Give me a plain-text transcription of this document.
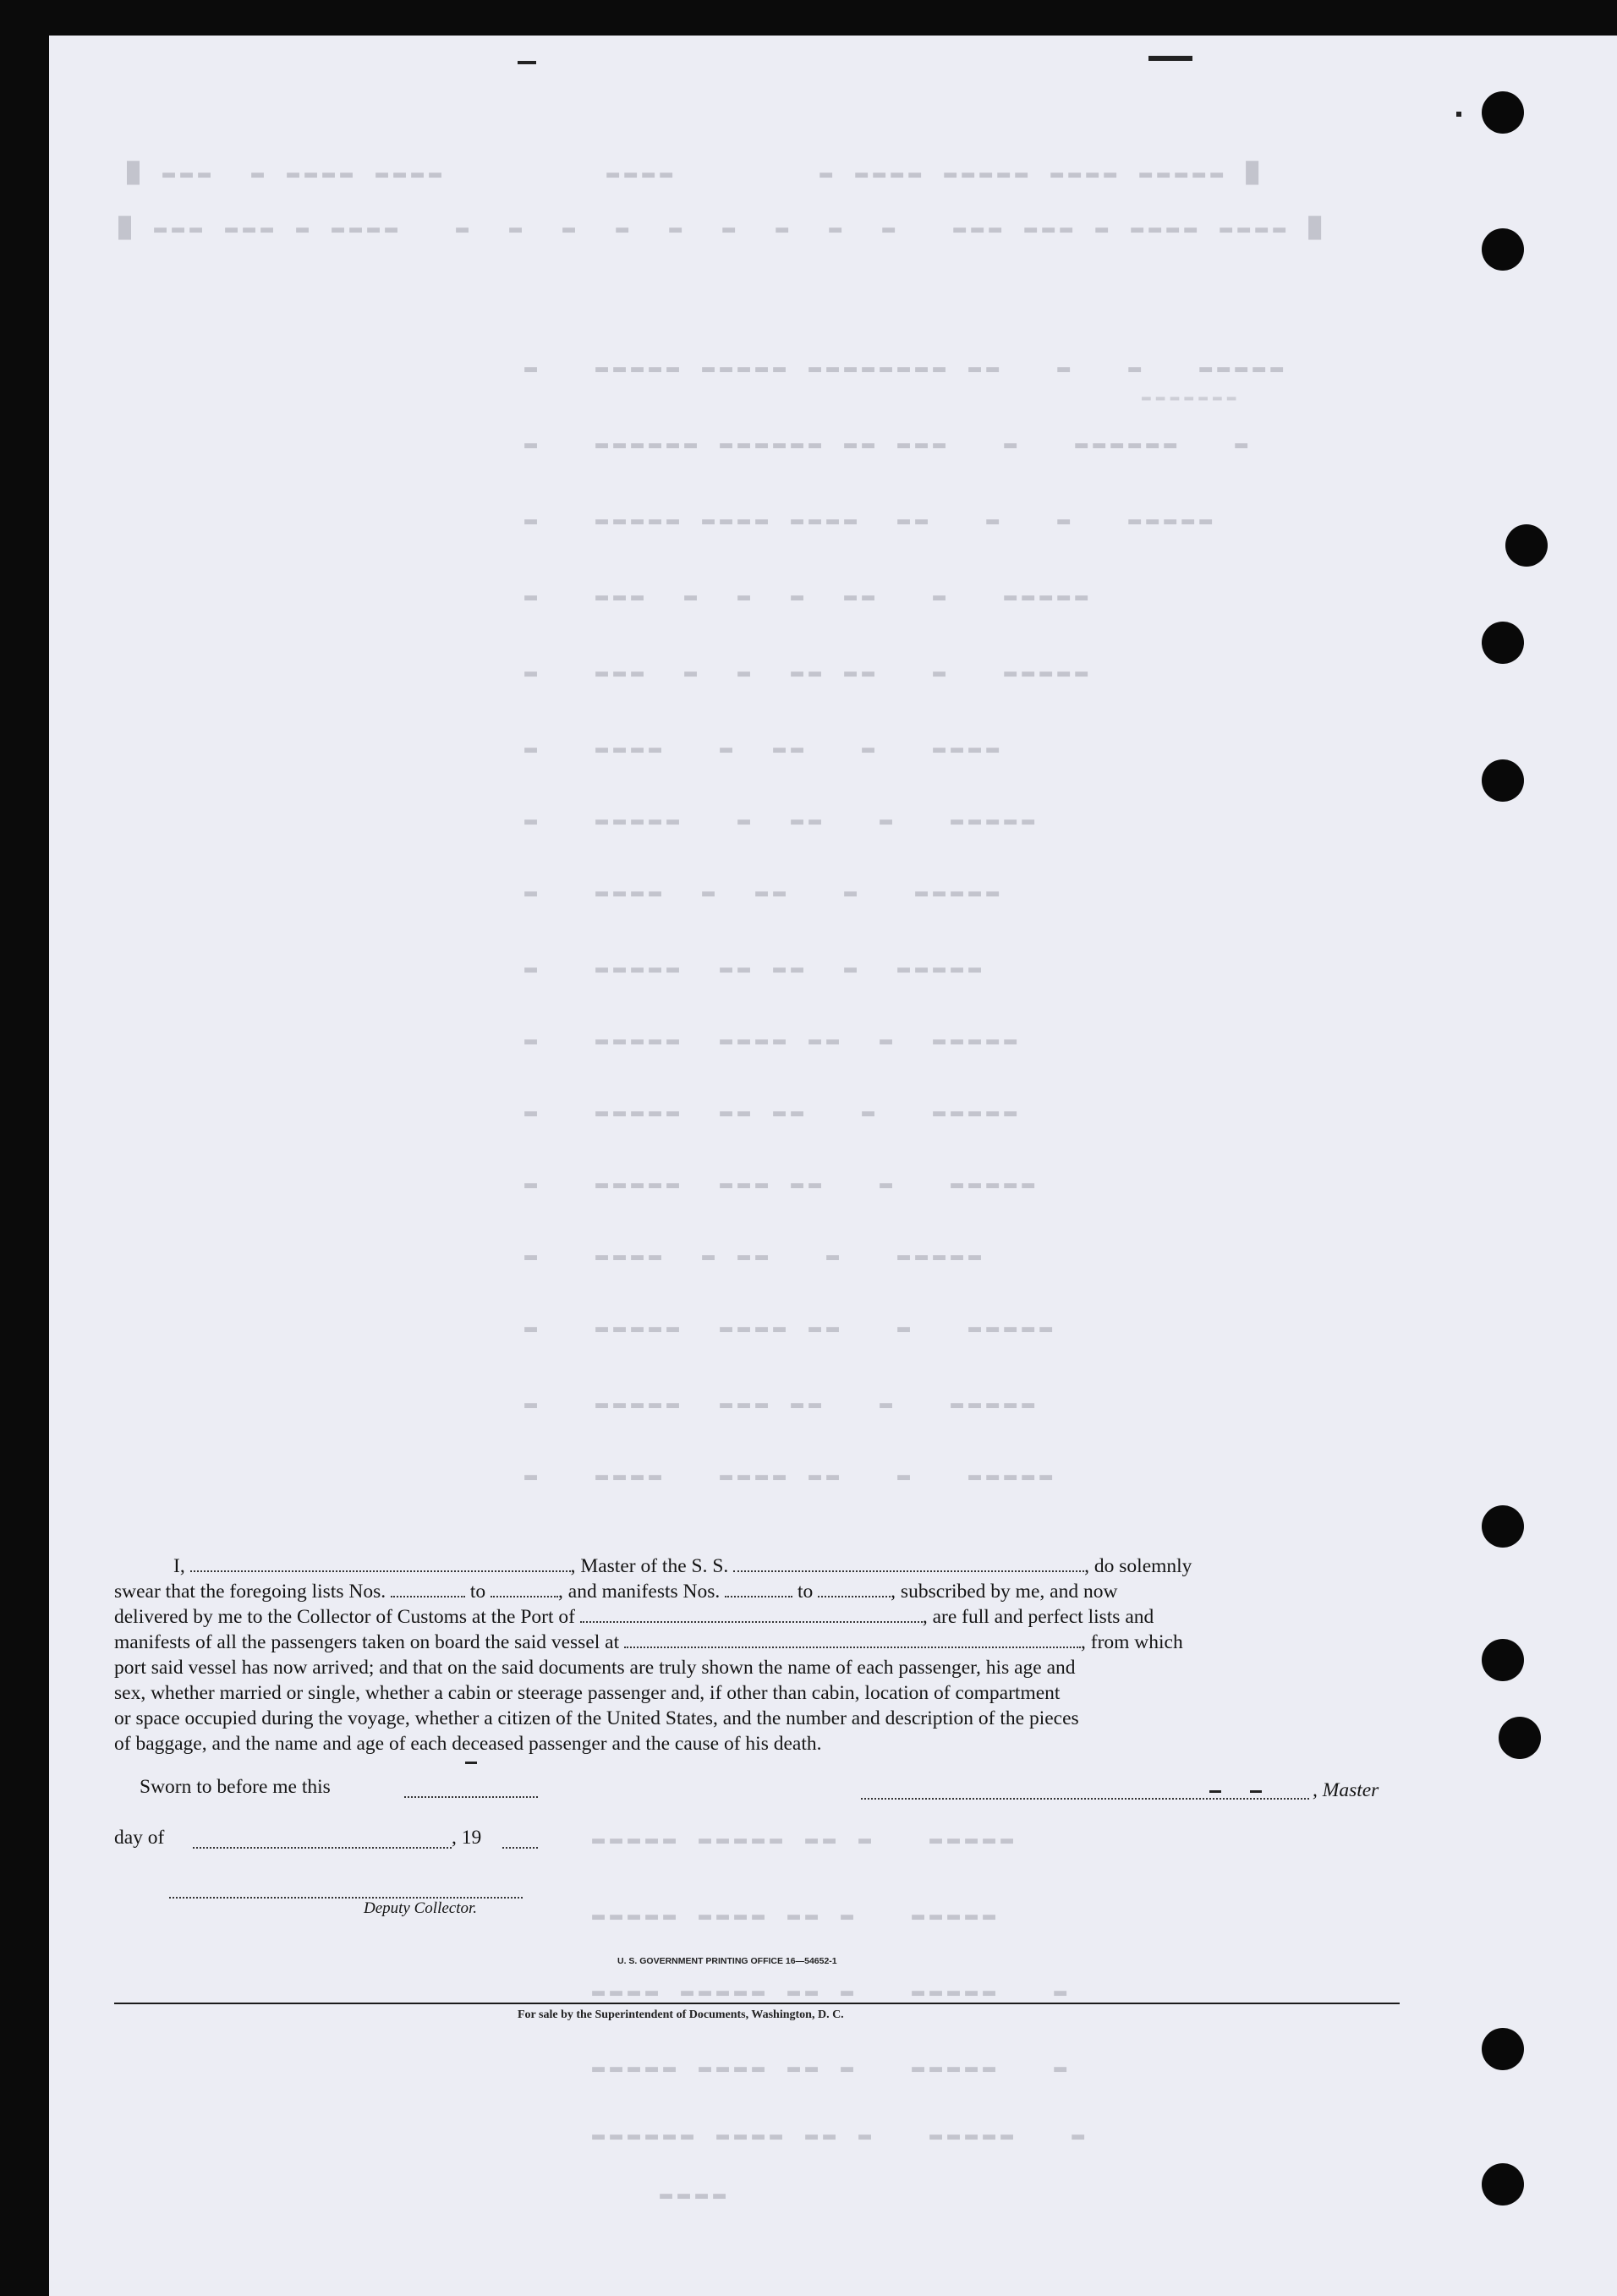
█ ▬▬▬  ▬ ▬▬▬▬ ▬▬▬▬         ▬▬▬▬        ▬ ▬▬▬▬ ▬▬▬▬▬ ▬▬▬▬ ▬▬▬▬▬ █
█ ▬▬▬ ▬▬▬ ▬ ▬▬▬▬   ▬  ▬  ▬  ▬  ▬  ▬  ▬  ▬  ▬   ▬▬▬ ▬▬▬ ▬ ▬▬▬▬ ▬▬▬▬ █
▬   ▬▬▬▬▬ ▬▬▬▬▬ ▬▬▬▬▬▬▬▬ ▬▬   ▬   ▬   ▬▬▬▬▬
▬▬▬▬▬▬▬
▬   ▬▬▬▬▬▬ ▬▬▬▬▬▬ ▬▬ ▬▬▬   ▬   ▬▬▬▬▬▬   ▬
▬   ▬▬▬▬▬ ▬▬▬▬ ▬▬▬▬  ▬▬   ▬   ▬   ▬▬▬▬▬
▬   ▬▬▬  ▬  ▬  ▬  ▬▬   ▬   ▬▬▬▬▬
▬   ▬▬▬  ▬  ▬  ▬▬ ▬▬   ▬   ▬▬▬▬▬
▬   ▬▬▬▬   ▬  ▬▬   ▬   ▬▬▬▬
▬   ▬▬▬▬▬   ▬  ▬▬   ▬   ▬▬▬▬▬
▬   ▬▬▬▬  ▬  ▬▬   ▬   ▬▬▬▬▬
▬   ▬▬▬▬▬  ▬▬ ▬▬  ▬  ▬▬▬▬▬
▬   ▬▬▬▬▬  ▬▬▬▬ ▬▬  ▬  ▬▬▬▬▬
▬   ▬▬▬▬▬  ▬▬ ▬▬   ▬   ▬▬▬▬▬
▬   ▬▬▬▬▬  ▬▬▬ ▬▬   ▬   ▬▬▬▬▬
▬   ▬▬▬▬  ▬ ▬▬   ▬   ▬▬▬▬▬
▬   ▬▬▬▬▬  ▬▬▬▬ ▬▬   ▬   ▬▬▬▬▬
▬   ▬▬▬▬▬  ▬▬▬ ▬▬   ▬   ▬▬▬▬▬
▬   ▬▬▬▬   ▬▬▬▬ ▬▬   ▬   ▬▬▬▬▬
▬▬▬▬▬ ▬▬▬▬▬ ▬▬ ▬   ▬▬▬▬▬
▬▬▬▬▬ ▬▬▬▬ ▬▬ ▬   ▬▬▬▬▬
▬▬▬▬ ▬▬▬▬▬ ▬▬ ▬   ▬▬▬▬▬   ▬
▬▬▬▬▬ ▬▬▬▬ ▬▬ ▬   ▬▬▬▬▬   ▬
▬▬▬▬▬▬ ▬▬▬▬ ▬▬ ▬   ▬▬▬▬▬   ▬
▬▬▬▬

I,	, Master of the S. S.	, do solemnly

swear that the foregoing lists Nos.	to	, and manifests Nos.	to	, subscribed by me, and now

delivered by me to the Collector of Customs at the Port of	, are full and perfect lists and

manifests of all the passengers taken on board the said vessel at	, from which

port said vessel has now arrived; and that on the said documents are truly shown the name of each passenger, his age and

sex, whether married or single, whether a cabin or steerage passenger and, if other than cabin, location of compartment

or space occupied during the voyage, whether a citizen of the United States, and the number and description of the pieces

of baggage, and the name and age of each deceased passenger and the cause of his death.

Sworn to before me this	, Master
day of	, 19
Deputy Collector.
U. S. GOVERNMENT PRINTING OFFICE 16—54652-1
For sale by the Superintendent of Documents, Washington, D. C.
